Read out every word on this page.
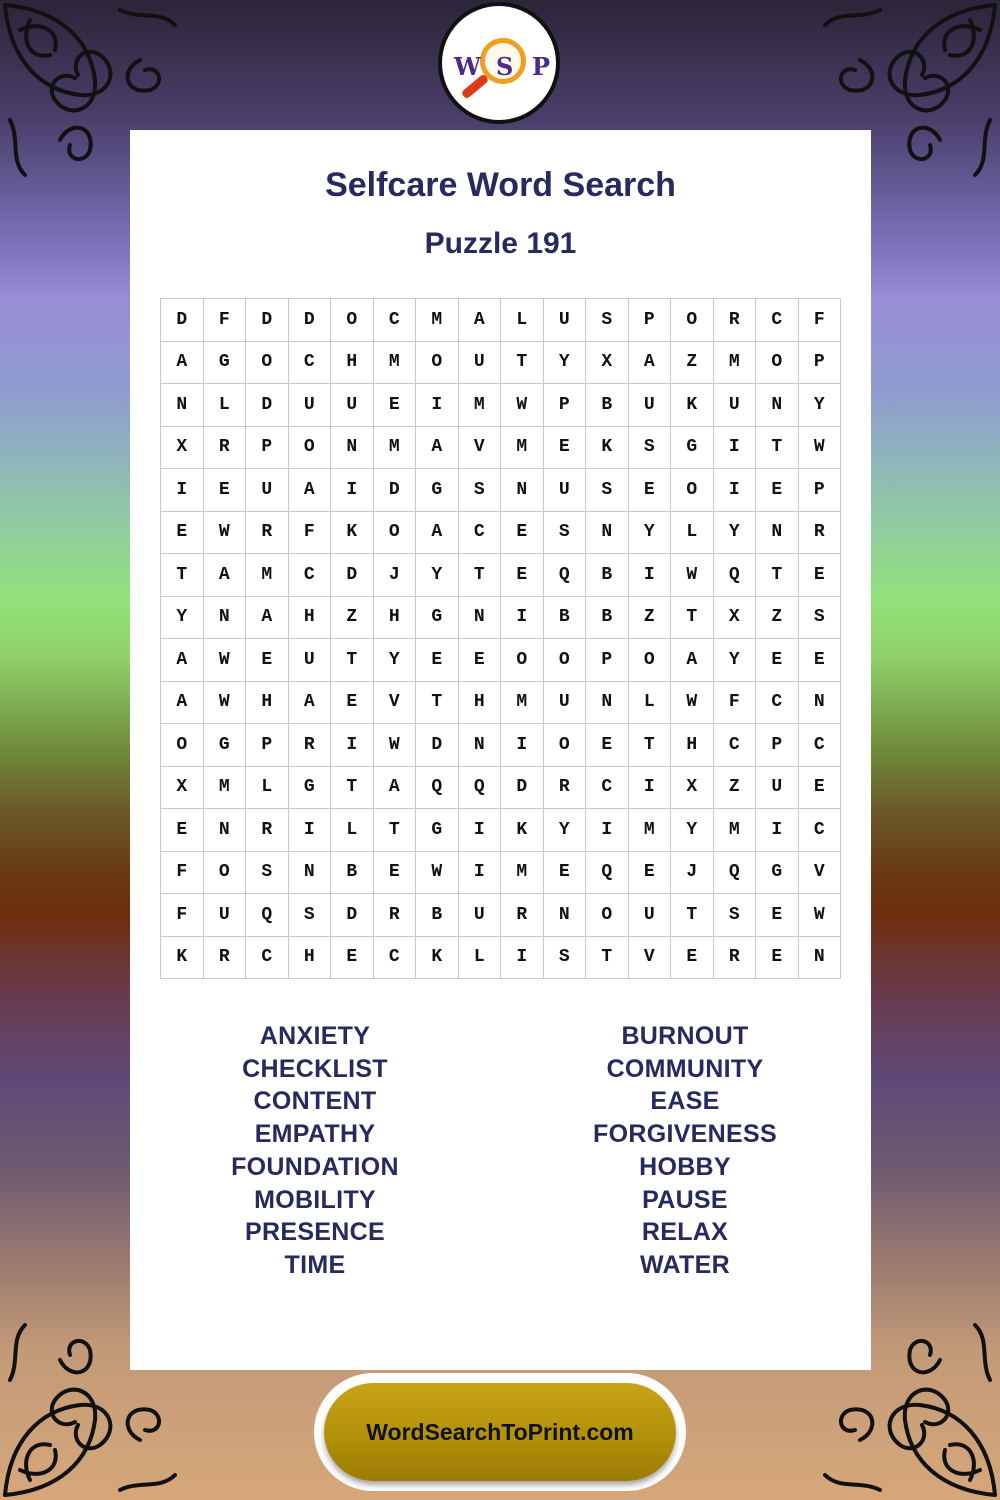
W S P
Selfcare Word Search
Puzzle 191
D	F	D	D	O	C	M	A	L	U	S	P	O	R	C	F
A	G	O	C	H	M	O	U	T	Y	X	A	Z	M	O	P
N	L	D	U	U	E	I	M	W	P	B	U	K	U	N	Y
X	R	P	O	N	M	A	V	M	E	K	S	G	I	T	W
I	E	U	A	I	D	G	S	N	U	S	E	O	I	E	P
E	W	R	F	K	O	A	C	E	S	N	Y	L	Y	N	R
T	A	M	C	D	J	Y	T	E	Q	B	I	W	Q	T	E
Y	N	A	H	Z	H	G	N	I	B	B	Z	T	X	Z	S
A	W	E	U	T	Y	E	E	O	O	P	O	A	Y	E	E
A	W	H	A	E	V	T	H	M	U	N	L	W	F	C	N
O	G	P	R	I	W	D	N	I	O	E	T	H	C	P	C
X	M	L	G	T	A	Q	Q	D	R	C	I	X	Z	U	E
E	N	R	I	L	T	G	I	K	Y	I	M	Y	M	I	C
F	O	S	N	B	E	W	I	M	E	Q	E	J	Q	G	V
F	U	Q	S	D	R	B	U	R	N	O	U	T	S	E	W
K	R	C	H	E	C	K	L	I	S	T	V	E	R	E	N
ANXIETY
CHECKLIST
CONTENT
EMPATHY
FOUNDATION
MOBILITY
PRESENCE
TIME
BURNOUT
COMMUNITY
EASE
FORGIVENESS
HOBBY
PAUSE
RELAX
WATER
WordSearchToPrint.com
